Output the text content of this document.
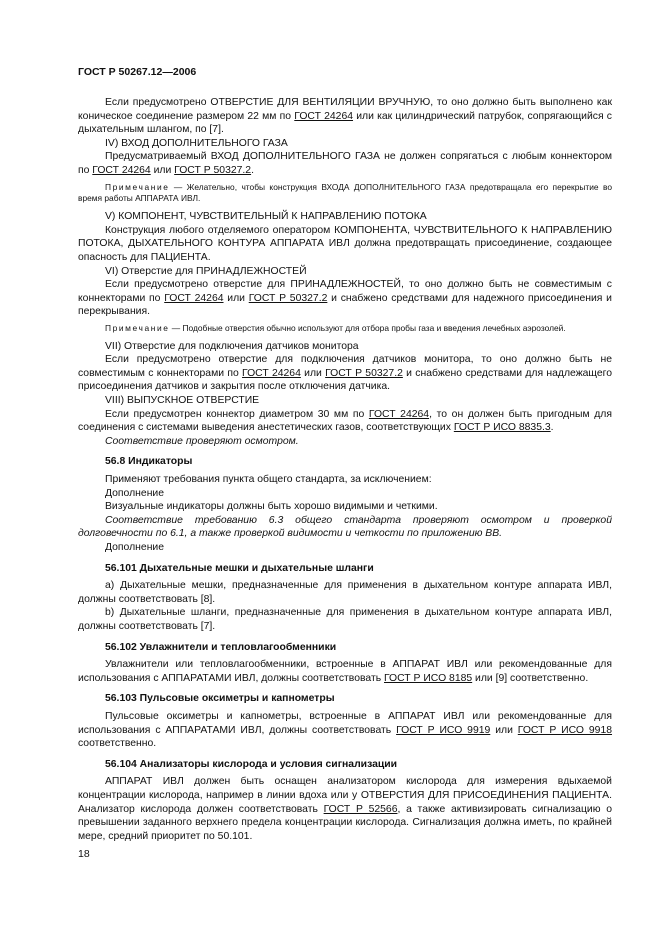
ГОСТ Р 50267.12—2006

Если предусмотрено ОТВЕРСТИЕ ДЛЯ ВЕНТИЛЯЦИИ ВРУЧНУЮ, то оно должно быть выполнено как коническое соединение размером 22 мм по ГОСТ 24264 или как цилиндрический патрубок, сопрягающийся с дыхательным шлангом, по [7].

IV) ВХОД ДОПОЛНИТЕЛЬНОГО ГАЗА

Предусматриваемый ВХОД ДОПОЛНИТЕЛЬНОГО ГАЗА не должен сопрягаться с любым коннектором по ГОСТ 24264 или ГОСТ Р 50327.2.

Примечание — Желательно, чтобы конструкция ВХОДА ДОПОЛНИТЕЛЬНОГО ГАЗА предотвращала его перекрытие во время работы АППАРАТА ИВЛ.

V) КОМПОНЕНТ, ЧУВСТВИТЕЛЬНЫЙ К НАПРАВЛЕНИЮ ПОТОКА

Конструкция любого отделяемого оператором КОМПОНЕНТА, ЧУВСТВИТЕЛЬНОГО К НАПРАВЛЕНИЮ ПОТОКА, ДЫХАТЕЛЬНОГО КОНТУРА АППАРАТА ИВЛ должна предотвращать присоединение, создающее опасность для ПАЦИЕНТА.

VI) Отверстие для ПРИНАДЛЕЖНОСТЕЙ

Если предусмотрено отверстие для ПРИНАДЛЕЖНОСТЕЙ, то оно должно быть не совместимым с коннекторами по ГОСТ 24264 или ГОСТ Р 50327.2 и снабжено средствами для надежного присоединения и перекрывания.

Примечание — Подобные отверстия обычно используют для отбора пробы газа и введения лечебных аэрозолей.

VII) Отверстие для подключения датчиков монитора

Если предусмотрено отверстие для подключения датчиков монитора, то оно должно быть не совместимым с коннекторами по ГОСТ 24264 или ГОСТ Р 50327.2 и снабжено средствами для надлежащего присоединения датчиков и закрытия после отключения датчика.

VIII) ВЫПУСКНОЕ ОТВЕРСТИЕ

Если предусмотрен коннектор диаметром 30 мм по ГОСТ 24264, то он должен быть пригодным для соединения с системами выведения анестетических газов, соответствующих ГОСТ Р ИСО 8835.3.

Соответствие проверяют осмотром.

56.8 Индикаторы

Применяют требования пункта общего стандарта, за исключением:

Дополнение

Визуальные индикаторы должны быть хорошо видимыми и четкими.

Соответствие требованию 6.3 общего стандарта проверяют осмотром и проверкой долговечности по 6.1, а также проверкой видимости и четкости по приложению ВВ.

Дополнение

56.101 Дыхательные мешки и дыхательные шланги

a) Дыхательные мешки, предназначенные для применения в дыхательном контуре аппарата ИВЛ, должны соответствовать [8].

b) Дыхательные шланги, предназначенные для применения в дыхательном контуре аппарата ИВЛ, должны соответствовать [7].

56.102 Увлажнители и тепловлагообменники

Увлажнители или тепловлагообменники, встроенные в АППАРАТ ИВЛ или рекомендованные для использования с АППАРАТАМИ ИВЛ, должны соответствовать ГОСТ Р ИСО 8185 или [9] соответственно.

56.103 Пульсовые оксиметры и капнометры

Пульсовые оксиметры и капнометры, встроенные в АППАРАТ ИВЛ или рекомендованные для использования с АППАРАТАМИ ИВЛ, должны соответствовать ГОСТ Р ИСО 9919 или ГОСТ Р ИСО 9918 соответственно.

56.104 Анализаторы кислорода и условия сигнализации

АППАРАТ ИВЛ должен быть оснащен анализатором кислорода для измерения вдыхаемой концентрации кислорода, например в линии вдоха или у ОТВЕРСТИЯ ДЛЯ ПРИСОЕДИНЕНИЯ ПАЦИЕНТА. Анализатор кислорода должен соответствовать ГОСТ Р 52566, а также активизировать сигнализацию о превышении заданного верхнего предела концентрации кислорода. Сигнализация должна иметь, по крайней мере, средний приоритет по 50.101.

18
